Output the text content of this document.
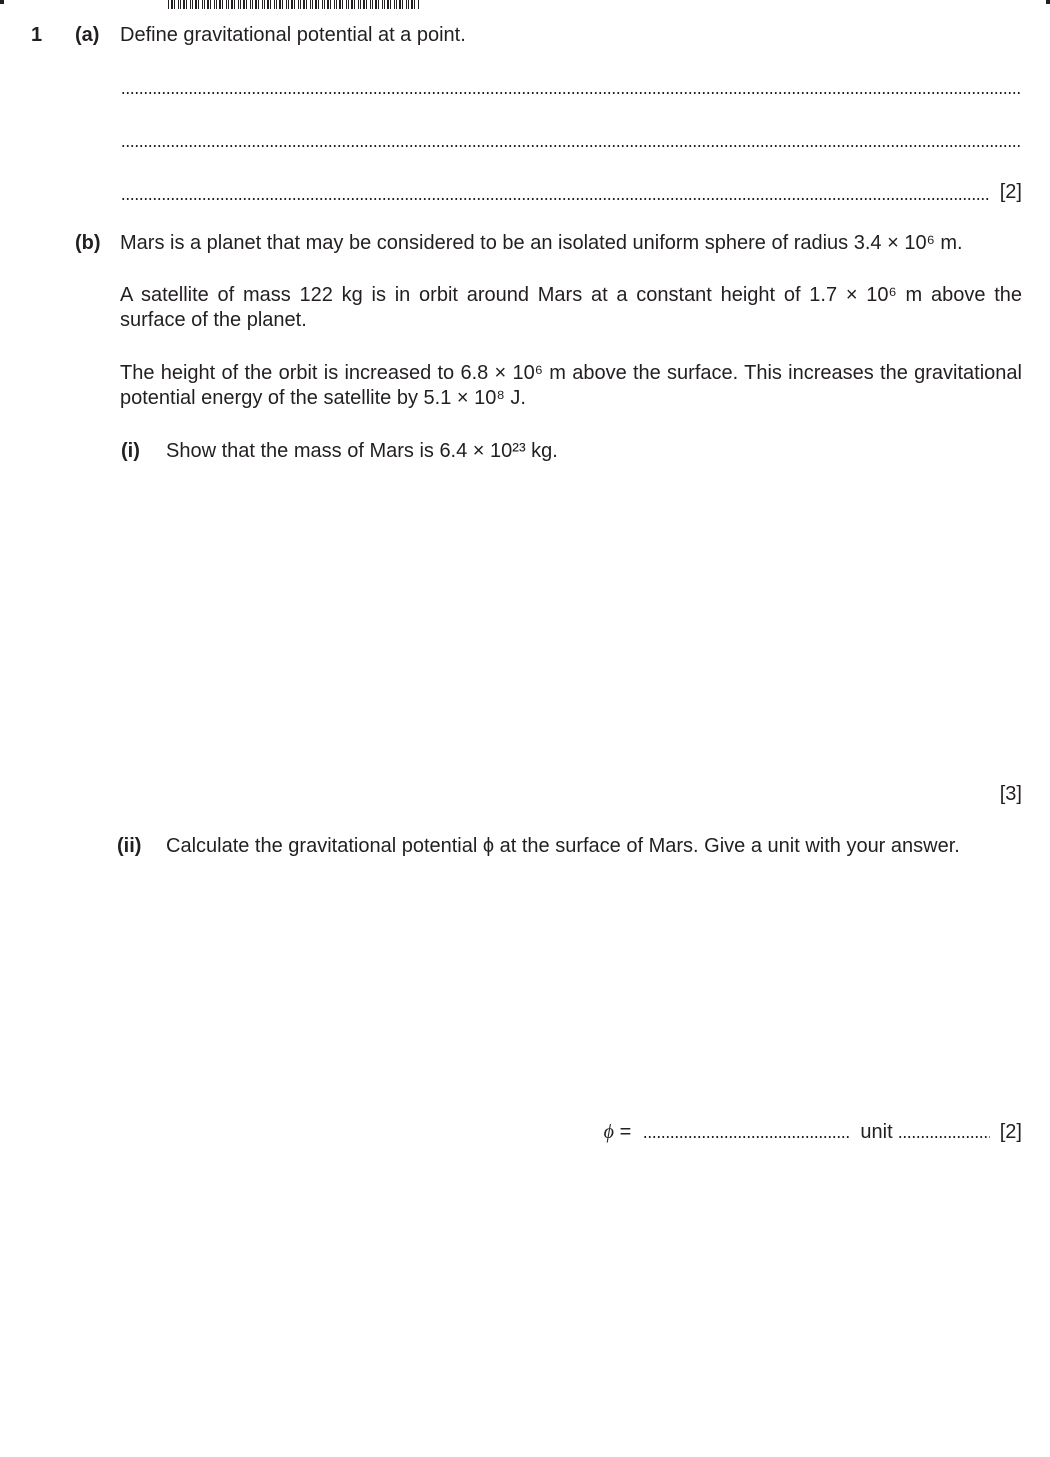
1 (a) Define gravitational potential at a point.
[2]
(b) Mars is a planet that may be considered to be an isolated uniform sphere of radius 3.4 × 10⁶ m.
A satellite of mass 122 kg is in orbit around Mars at a constant height of 1.7 × 10⁶ m above the surface of the planet.
The height of the orbit is increased to 6.8 × 10⁶ m above the surface. This increases the gravitational potential energy of the satellite by 5.1 × 10⁸ J.
(i) Show that the mass of Mars is 6.4 × 10²³ kg.
[3]
(ii) Calculate the gravitational potential ϕ at the surface of Mars. Give a unit with your answer.
ϕ =	unit	[2]
